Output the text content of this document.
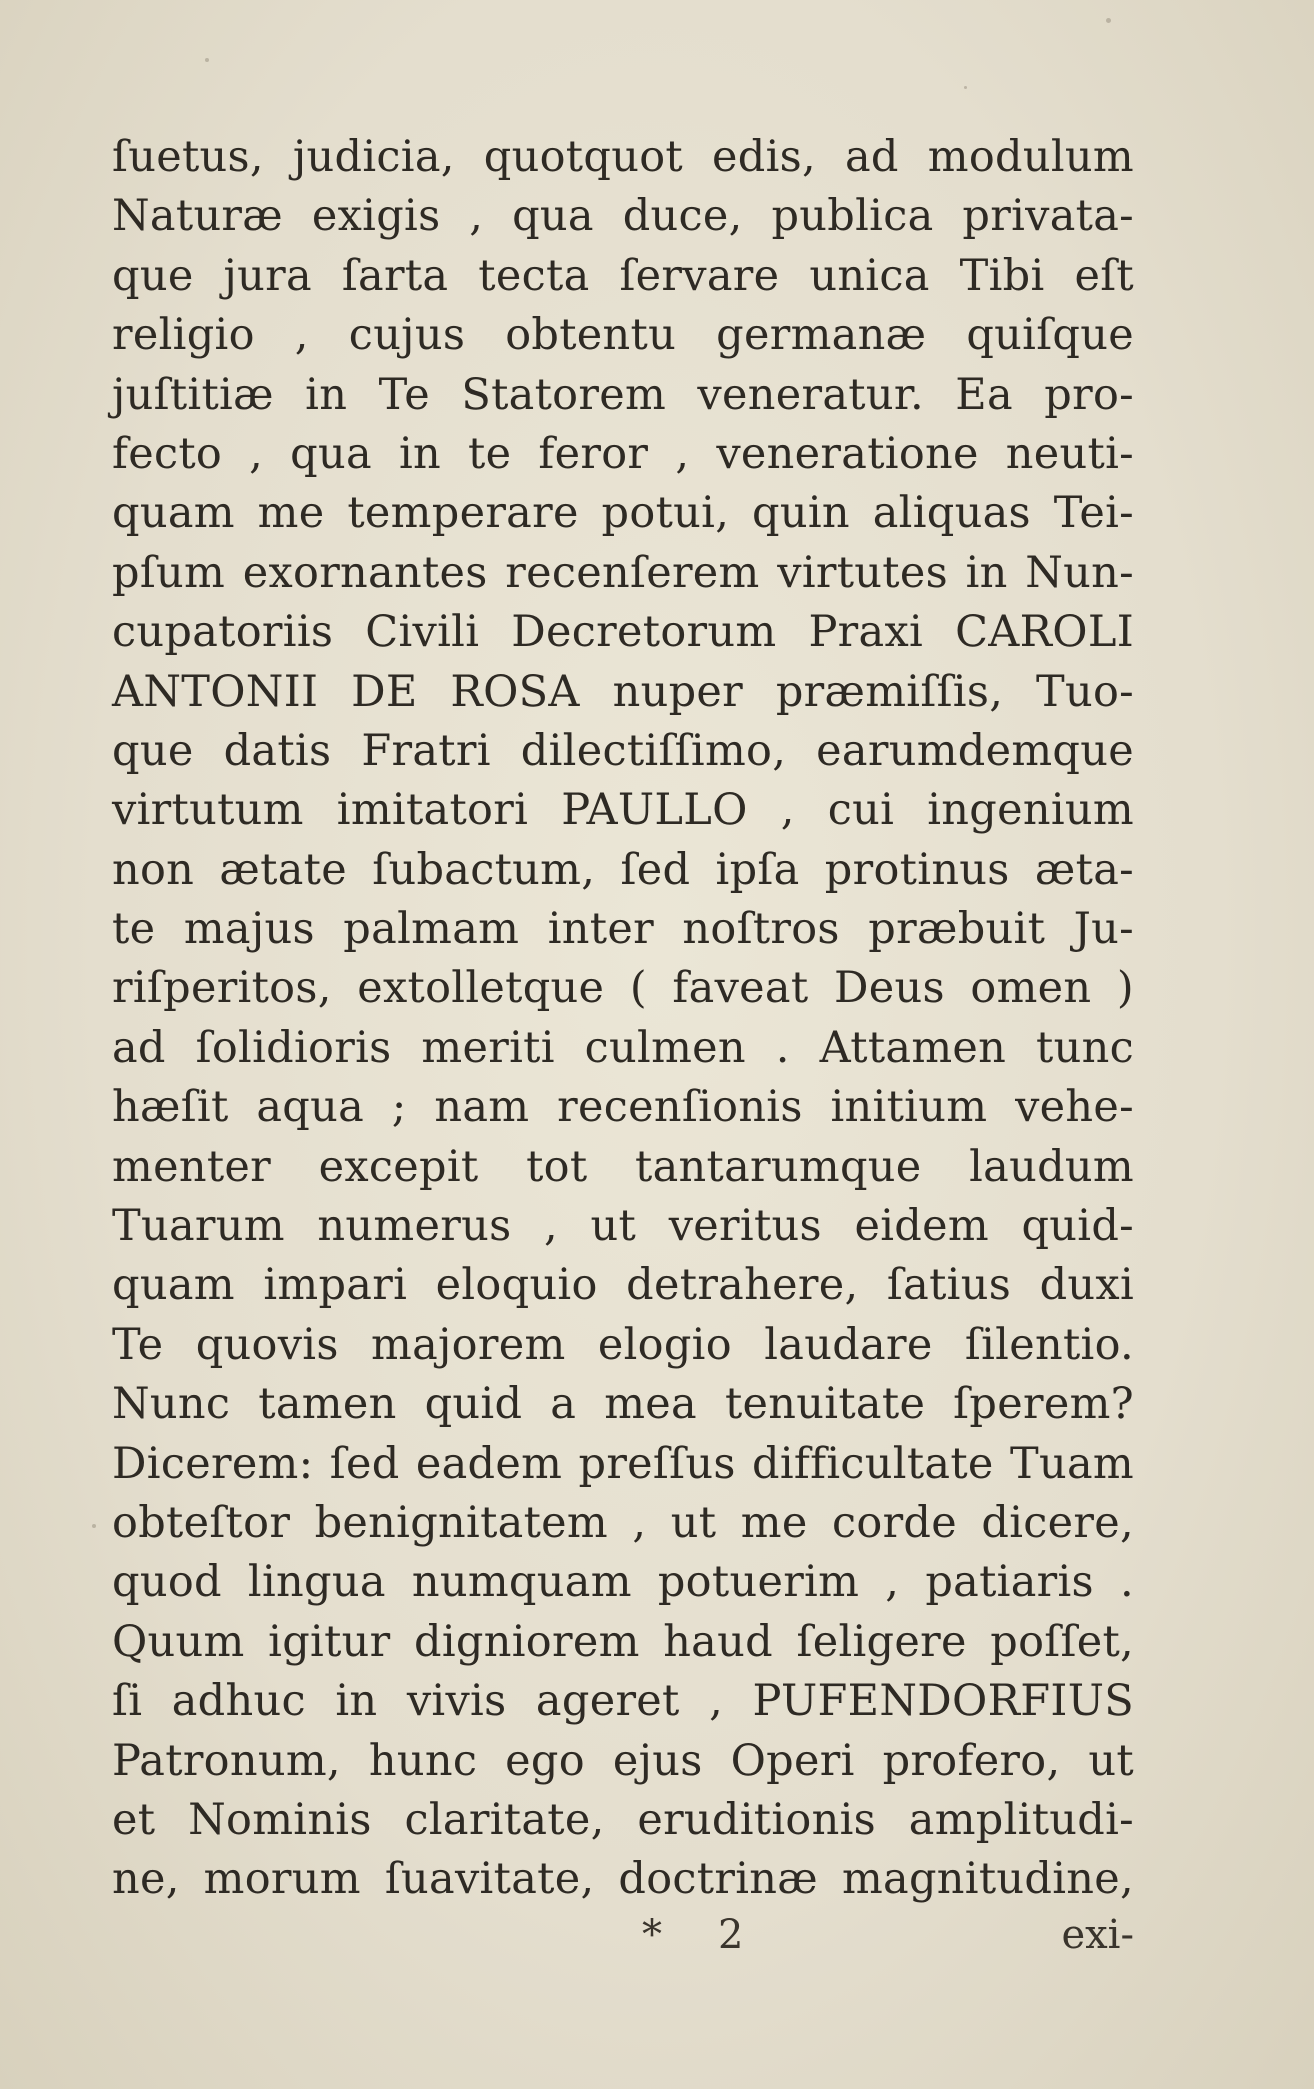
ſuetus, judicia, quotquot edis, ad modulum
Naturæ exigis , qua duce, publica privata-
que jura ſarta tecta ſervare unica Tibi eſt
religio , cujus obtentu germanæ quiſque
juſtitiæ in Te Statorem veneratur. Ea pro-
fecto , qua in te feror , veneratione neuti-
quam me temperare potui, quin aliquas Tei-
pſum exornantes recenſerem virtutes in Nun-
cupatoriis Civili Decretorum Praxi CAROLI
ANTONII DE ROSA nuper præmiſſis, Tuo-
que datis Fratri dilectiſſimo, earumdemque
virtutum imitatori PAULLO , cui ingenium
non ætate ſubactum, ſed ipſa protinus æta-
te majus palmam inter noſtros præbuit Ju-
riſperitos, extolletque ( faveat Deus omen )
ad ſolidioris meriti culmen . Attamen tunc
hæſit aqua ; nam recenſionis initium vehe-
menter excepit tot tantarumque laudum
Tuarum numerus , ut veritus eidem quid-
quam impari eloquio detrahere, ſatius duxi
Te quovis majorem elogio laudare ſilentio.
Nunc tamen quid a mea tenuitate ſperem?
Dicerem: ſed eadem preſſus difficultate Tuam
obteſtor benignitatem , ut me corde dicere,
quod lingua numquam potuerim , patiaris .
Quum igitur digniorem haud ſeligere poſſet,
ſi adhuc in vivis ageret , PUFENDORFIUS
Patronum, hunc ego ejus Operi profero, ut
et Nominis claritate, eruditionis amplitudi-
ne, morum ſuavitate, doctrinæ magnitudine,
* 2	exi-
